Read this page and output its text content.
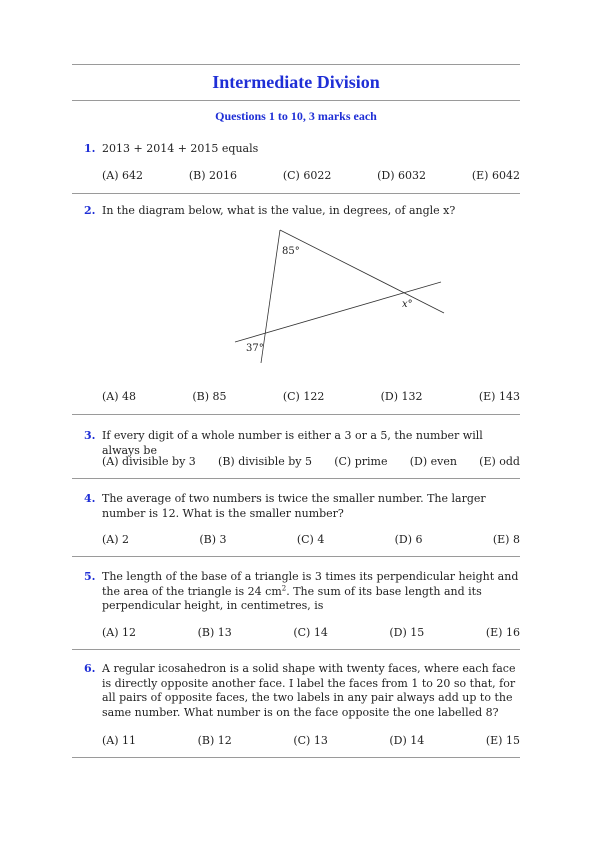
Intermediate Division
Questions 1 to 10, 3 marks each
1. 2013 + 2014 + 2015 equals
(A) 642	(B) 2016	(C) 6022	(D) 6032	(E) 6042
2. In the diagram below, what is the value, in degrees, of angle x?
85°
37°
x°
(A) 48	(B) 85	(C) 122	(D) 132	(E) 143
3. If every digit of a whole number is either a 3 or a 5, the number will always be
(A) divisible by 3 (B) divisible by 5 (C) prime (D) even (E) odd
4. The average of two numbers is twice the smaller number. The larger number is 12. What is the smaller number?
(A) 2	(B) 3	(C) 4	(D) 6	(E) 8
5. The length of the base of a triangle is 3 times its perpendicular height and the area of the triangle is 24 $cm^2$. The sum of its base length and its perpendicular height, in centimetres, is
(A) 12	(B) 13	(C) 14	(D) 15	(E) 16
6. A regular icosahedron is a solid shape with twenty faces, where each face is directly opposite another face. I label the faces from 1 to 20 so that, for all pairs of opposite faces, the two labels in any pair always add up to the same number. What number is on the face opposite the one labelled 8?
(A) 11	(B) 12	(C) 13	(D) 14	(E) 15
